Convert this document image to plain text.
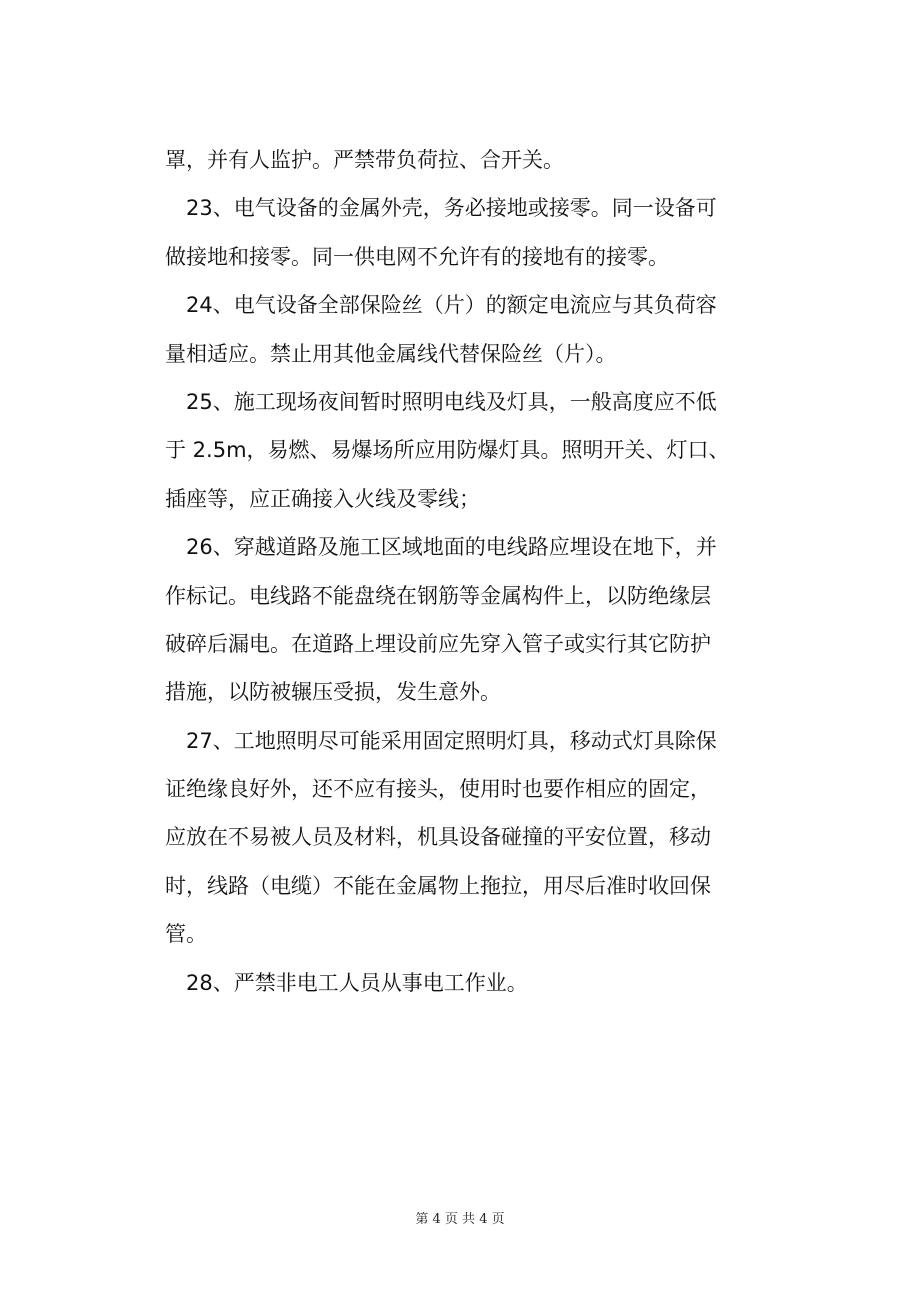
罩，并有人监护。严禁带负荷拉、合开关。
　23、电气设备的金属外壳，务必接地或接零。同一设备可
做接地和接零。同一供电网不允许有的接地有的接零。
　24、电气设备全部保险丝（片）的额定电流应与其负荷容
量相适应。禁止用其他金属线代替保险丝（片）。
　25、施工现场夜间暂时照明电线及灯具，一般高度应不低
于 2.5m，易燃、易爆场所应用防爆灯具。照明开关、灯口、
插座等，应正确接入火线及零线；
　26、穿越道路及施工区域地面的电线路应埋设在地下，并
作标记。电线路不能盘绕在钢筋等金属构件上，以防绝缘层
破碎后漏电。在道路上埋设前应先穿入管子或实行其它防护
措施，以防被辗压受损，发生意外。
　27、工地照明尽可能采用固定照明灯具，移动式灯具除保
证绝缘良好外，还不应有接头，使用时也要作相应的固定，
应放在不易被人员及材料，机具设备碰撞的平安位置，移动
时，线路（电缆）不能在金属物上拖拉，用尽后准时收回保
管。
　28、严禁非电工人员从事电工作业。
第 4 页 共 4 页
